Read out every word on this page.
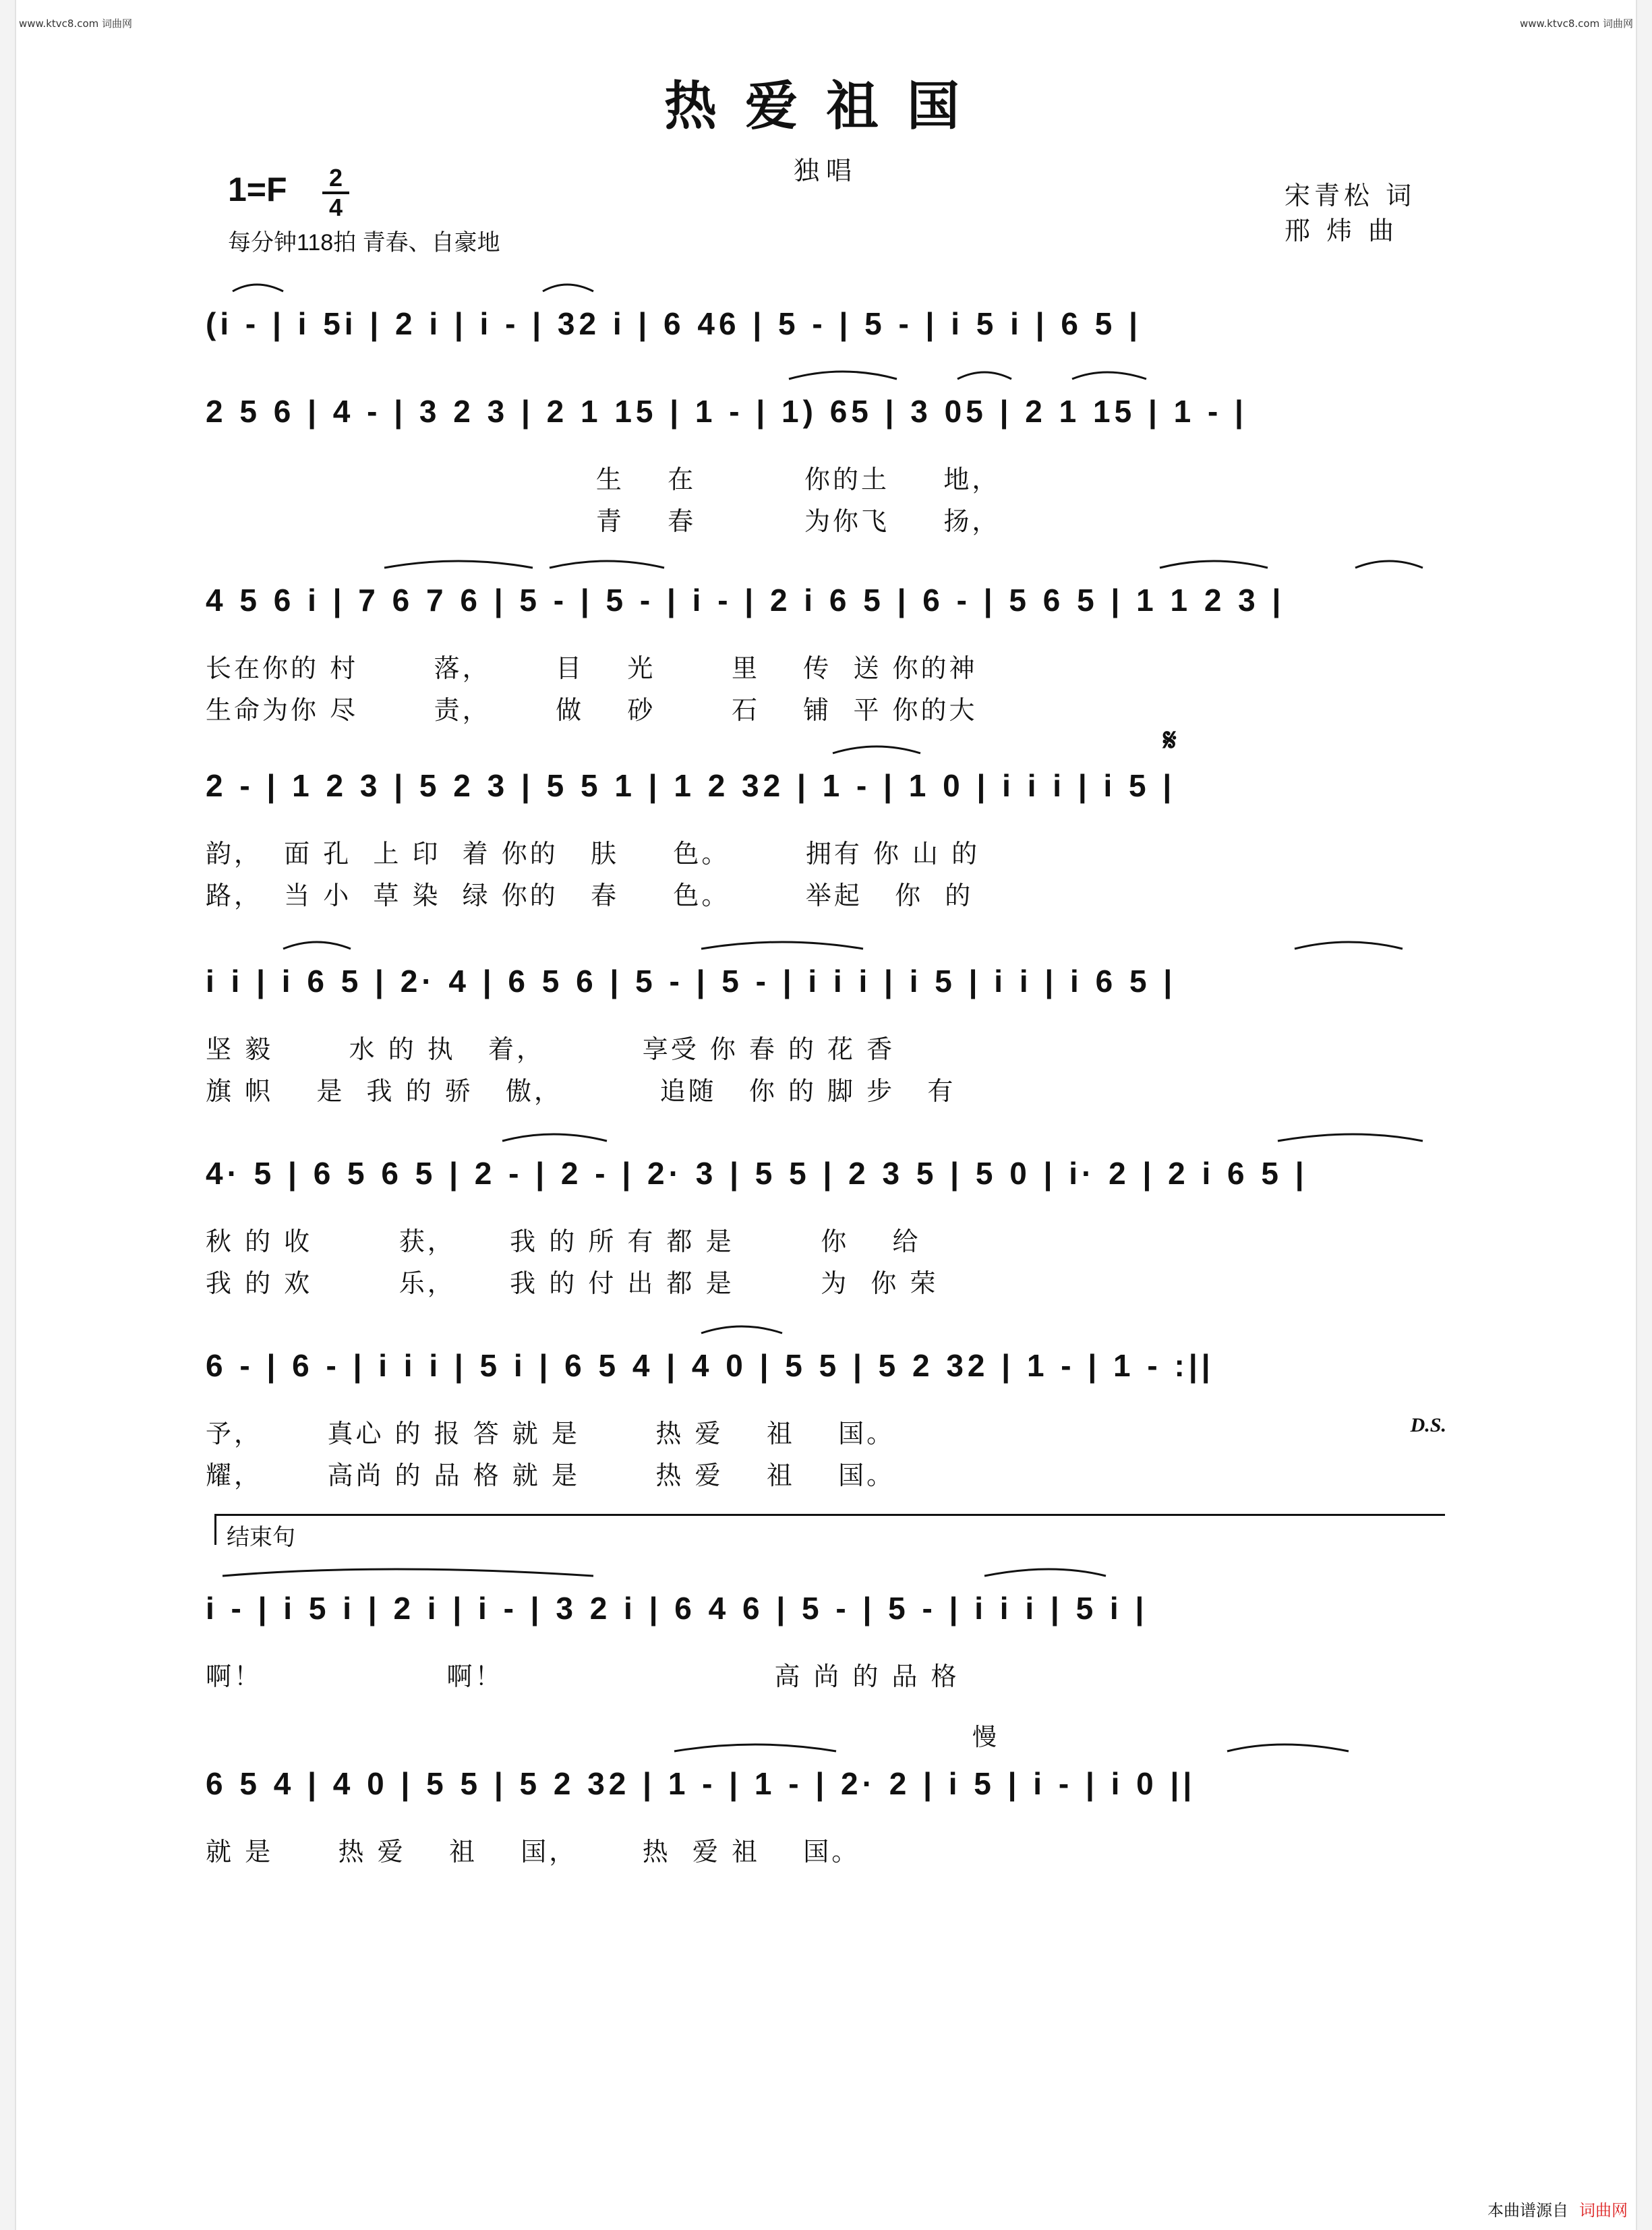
www.ktvc8.com 词曲网	www.ktvc8.com 词曲网
热爱祖国
独唱
1=F 2
4
每分钟118拍 青春、自豪地
宋青松 词
邢 炜 曲
(i - | i 5i | 2 i | i - | 32 i | 6 46 | 5 - | 5 - | i 5 i | 6 5 |
2 5 6 | 4 - | 3 2 3 | 2 1 15 | 1 - | 1) 65 | 3 05 | 2 1 15 | 1 - |
生    在          你的土     地，
青    春          为你飞     扬，
4 5 6 i | 7 6 7 6 | 5 - | 5 - | i - | 2 i 6 5 | 6 - | 5 6 5 | 1 1 2 3 |
长在你的 村       落，      目    光       里    传  送 你的神
生命为你 尽       责，      做    砂       石    铺  平 你的大
𝄋
2 - | 1 2 3 | 5 2 3 | 5 5 1 | 1 2 32 | 1 - | 1 0 | i i i | i 5 |
韵，  面 孔  上 印  着 你的   肤     色。       拥有 你 山 的
路，  当 小  草 染  绿 你的   春     色。       举起   你  的
i i | i 6 5 | 2· 4 | 6 5 6 | 5 - | 5 - | i i i | i 5 | i i | i 6 5 |
坚 毅       水 的 执   着，         享受 你 春 的 花 香
旗 帜    是  我 的 骄   傲，         追随   你 的 脚 步   有
4· 5 | 6 5 6 5 | 2 - | 2 - | 2· 3 | 5 5 | 2 3 5 | 5 0 | i· 2 | 2 i 6 5 |
秋 的 收        获，     我 的 所 有 都 是        你    给
我 的 欢        乐，     我 的 付 出 都 是        为  你 荣
6 - | 6 - | i i i | 5 i | 6 5 4 | 4 0 | 5 5 | 5 2 32 | 1 - | 1 - :||
予，      真心 的 报 答 就 是       热 爱    祖    国。
耀，      高尚 的 品 格 就 是       热 爱    祖    国。
D.S.
结束句
i - | i 5 i | 2 i | i - | 3 2 i | 6 4 6 | 5 - | 5 - | i i i | 5 i |
啊！                 啊！                         高 尚 的 品 格
慢
6 5 4 | 4 0 | 5 5 | 5 2 32 | 1 - | 1 - | 2· 2 | i 5 | i - | i 0 ||
就 是      热 爱    祖    国，      热  爱 祖    国。
本曲谱源自 词曲网
